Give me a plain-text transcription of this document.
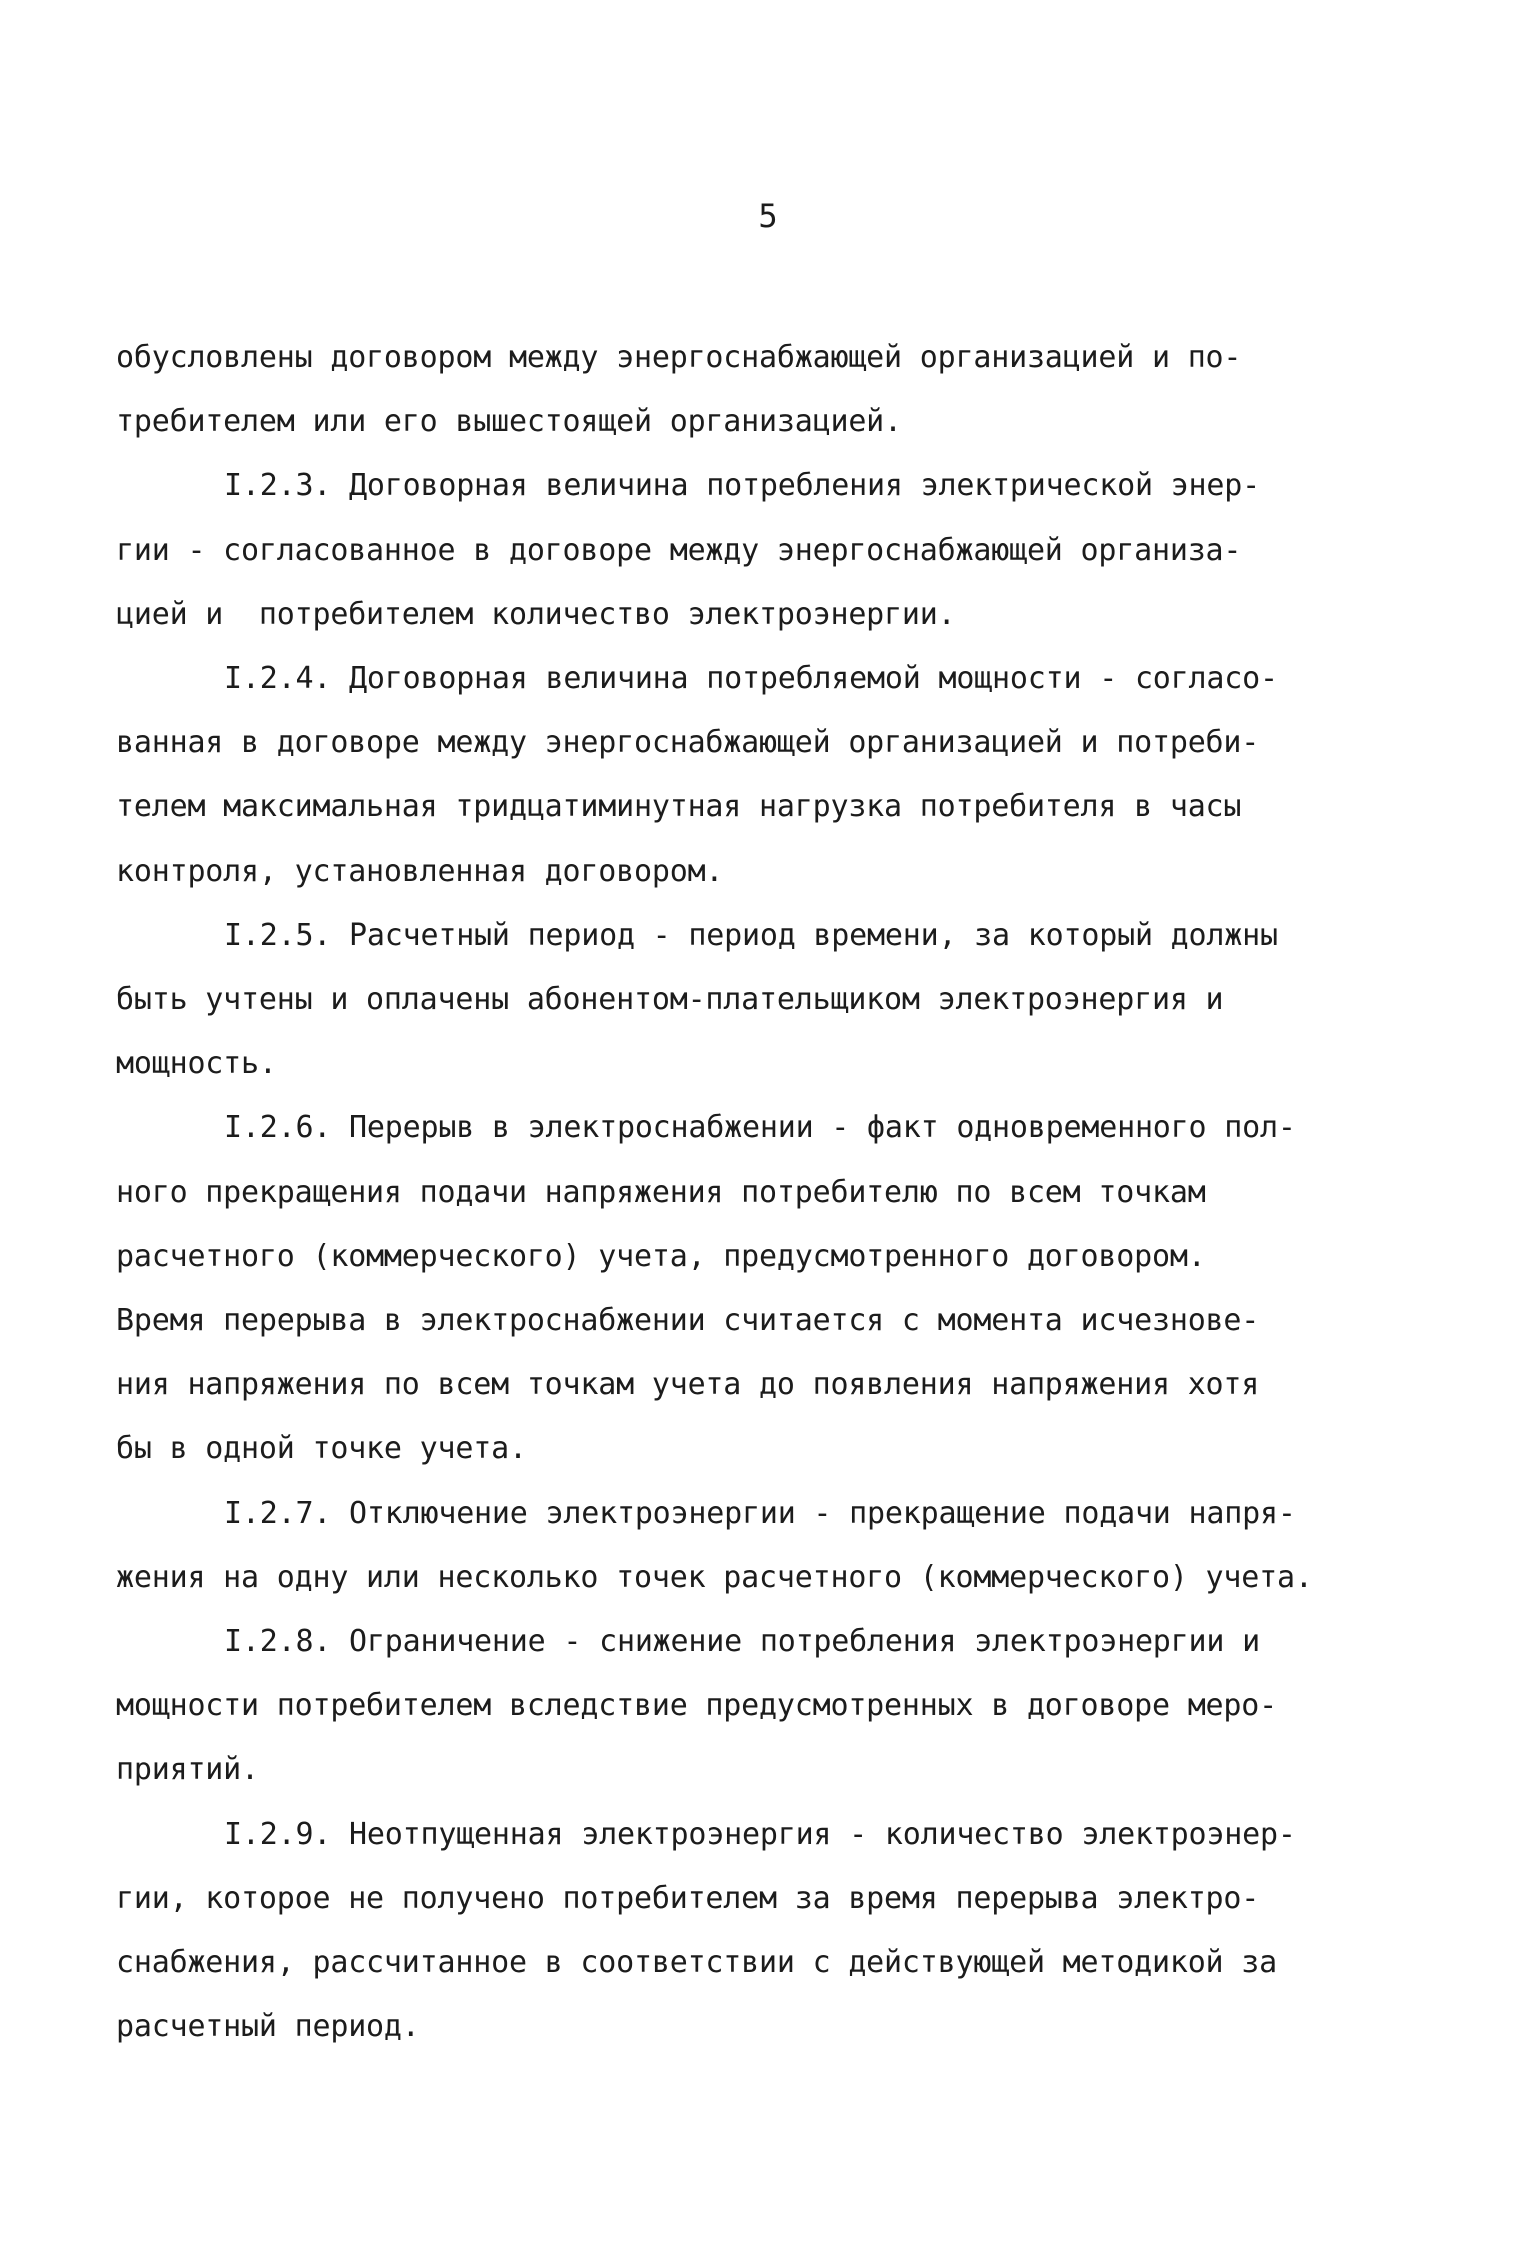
5
обусловлены договором между энергоснабжающей организацией и по-
требителем или его вышестоящей организацией.
I.2.3. Договорная величина потребления электрической энер-
гии - согласованное в договоре между энергоснабжающей организа-
цией и  потребителем количество электроэнергии.
I.2.4. Договорная величина потребляемой мощности - согласо-
ванная в договоре между энергоснабжающей организацией и потреби-
телем максимальная тридцатиминутная нагрузка потребителя в часы
контроля, установленная договором.
I.2.5. Расчетный период - период времени, за который должны
быть учтены и оплачены абонентом-плательщиком электроэнергия и
мощность.
I.2.6. Перерыв в электроснабжении - факт одновременного пол-
ного прекращения подачи напряжения потребителю по всем точкам
расчетного (коммерческого) учета, предусмотренного договором.
Время перерыва в электроснабжении считается с момента исчезнове-
ния напряжения по всем точкам учета до появления напряжения хотя
бы в одной точке учета.
I.2.7. Отключение электроэнергии - прекращение подачи напря-
жения на одну или несколько точек расчетного (коммерческого) учета.
I.2.8. Ограничение - снижение потребления электроэнергии и
мощности потребителем вследствие предусмотренных в договоре меро-
приятий.
I.2.9. Неотпущенная электроэнергия - количество электроэнер-
гии, которое не получено потребителем за время перерыва электро-
снабжения, рассчитанное в соответствии с действующей методикой за
расчетный период.
